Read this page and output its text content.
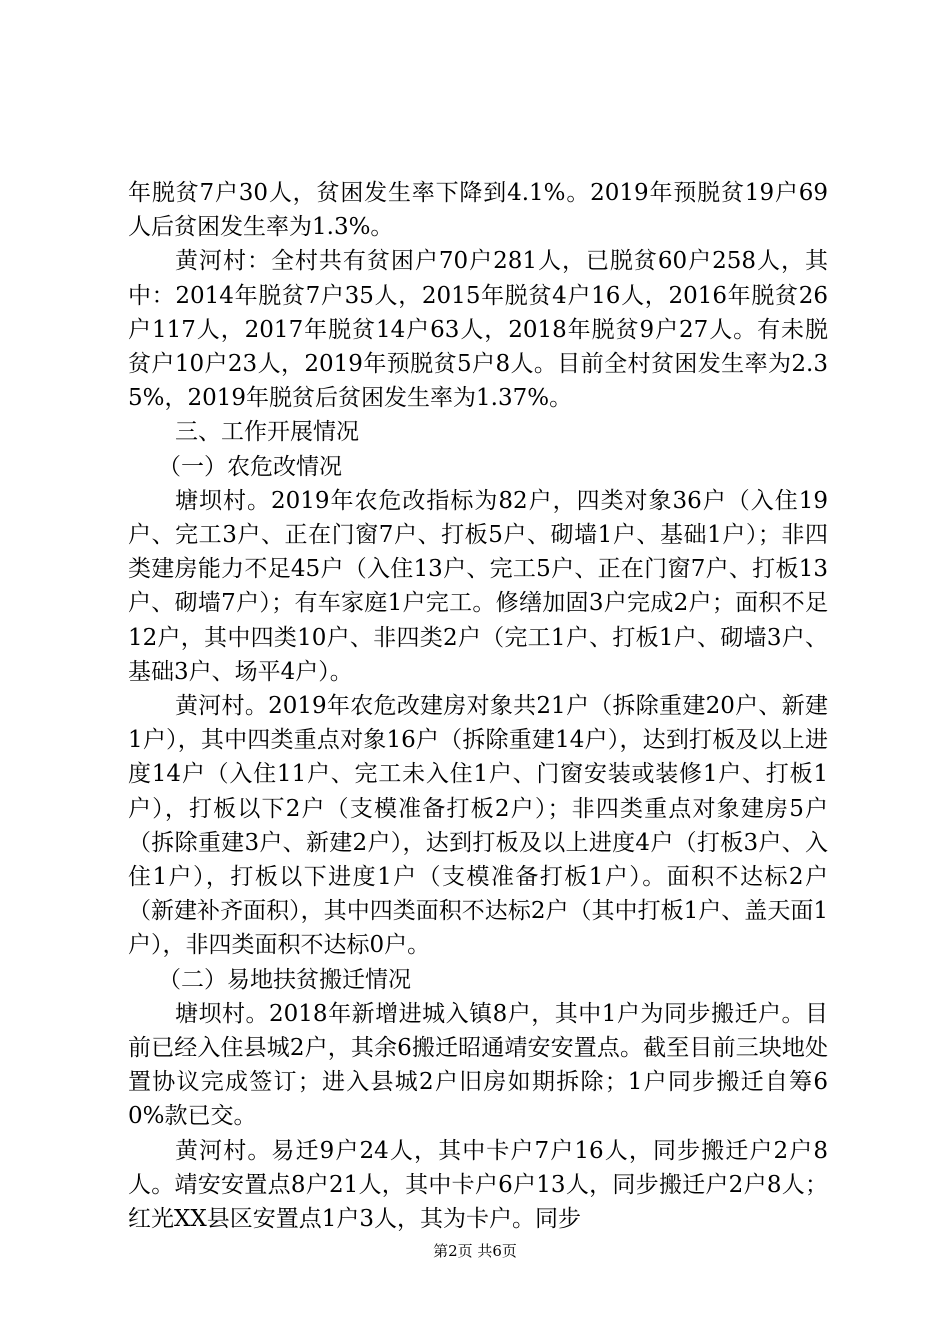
年脱贫7户30人，贫困发生率下降到4.1%。2019年预脱贫19户69人后贫困发生率为1.3%。

黄河村：全村共有贫困户70户281人，已脱贫60户258人，其中：2014年脱贫7户35人，2015年脱贫4户16人，2016年脱贫26户117人，2017年脱贫14户63人，2018年脱贫9户27人。有未脱贫户10户23人，2019年预脱贫5户8人。目前全村贫困发生率为2.35%，2019年脱贫后贫困发生率为1.37%。

三、工作开展情况

（一）农危改情况

塘坝村。2019年农危改指标为82户，四类对象36户（入住19户、完工3户、正在门窗7户、打板5户、砌墙1户、基础1户）；非四类建房能力不足45户（入住13户、完工5户、正在门窗7户、打板13户、砌墙7户）；有车家庭1户完工。修缮加固3户完成2户；面积不足12户，其中四类10户、非四类2户（完工1户、打板1户、砌墙3户、基础3户、场平4户）。

黄河村。2019年农危改建房对象共21户（拆除重建20户、新建1户），其中四类重点对象16户（拆除重建14户），达到打板及以上进度14户（入住11户、完工未入住1户、门窗安装或装修1户、打板1户），打板以下2户（支模准备打板2户）；非四类重点对象建房5户（拆除重建3户、新建2户），达到打板及以上进度4户（打板3户、入住1户），打板以下进度1户（支模准备打板1户）。面积不达标2户（新建补齐面积），其中四类面积不达标2户（其中打板1户、盖天面1户），非四类面积不达标0户。

（二）易地扶贫搬迁情况

塘坝村。2018年新增进城入镇8户，其中1户为同步搬迁户。目前已经入住县城2户，其余6搬迁昭通靖安安置点。截至目前三块地处置协议完成签订；进入县城2户旧房如期拆除；1户同步搬迁自筹60%款已交。

黄河村。易迁9户24人，其中卡户7户16人，同步搬迁户2户8人。靖安安置点8户21人，其中卡户6户13人，同步搬迁户2户8人；红光XX县区安置点1户3人，其为卡户。同步

第2页 共6页
